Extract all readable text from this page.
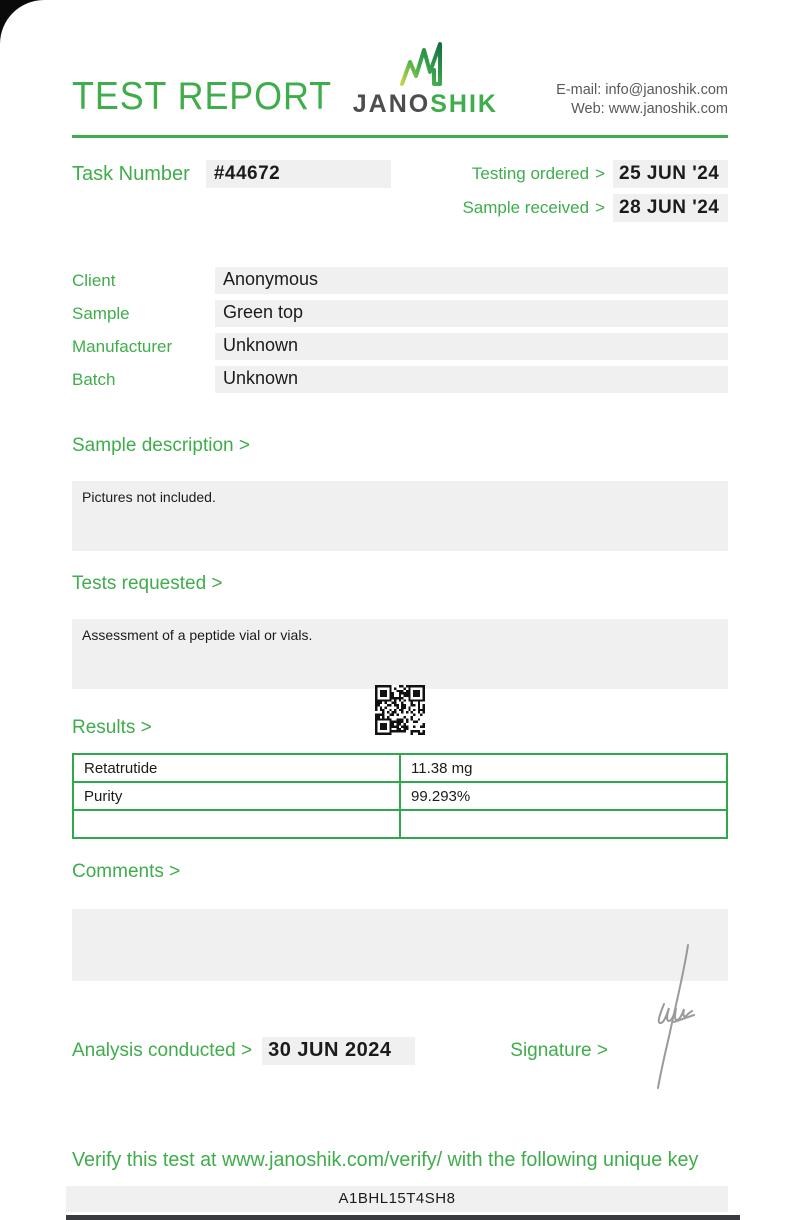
TEST REPORT JANOSHIK	E-mail: info@janoshik.com
Web: www.janoshik.com
Task Number	#44672	Testing ordered > 25 JUN '24
Sample received > 28 JUN '24
Client	Anonymous
Sample	Green top
Manufacturer	Unknown
Batch	Unknown
Sample description >
Pictures not included.
Tests requested >
Assessment of a peptide vial or vials.
Results >
Retatrutide	11.38 mg
Purity	99.293%

Comments >
Analysis conducted > 30 JUN 2024	Signature >
Verify this test at www.janoshik.com/verify/ with the following unique key
A1BHL15T4SH8
